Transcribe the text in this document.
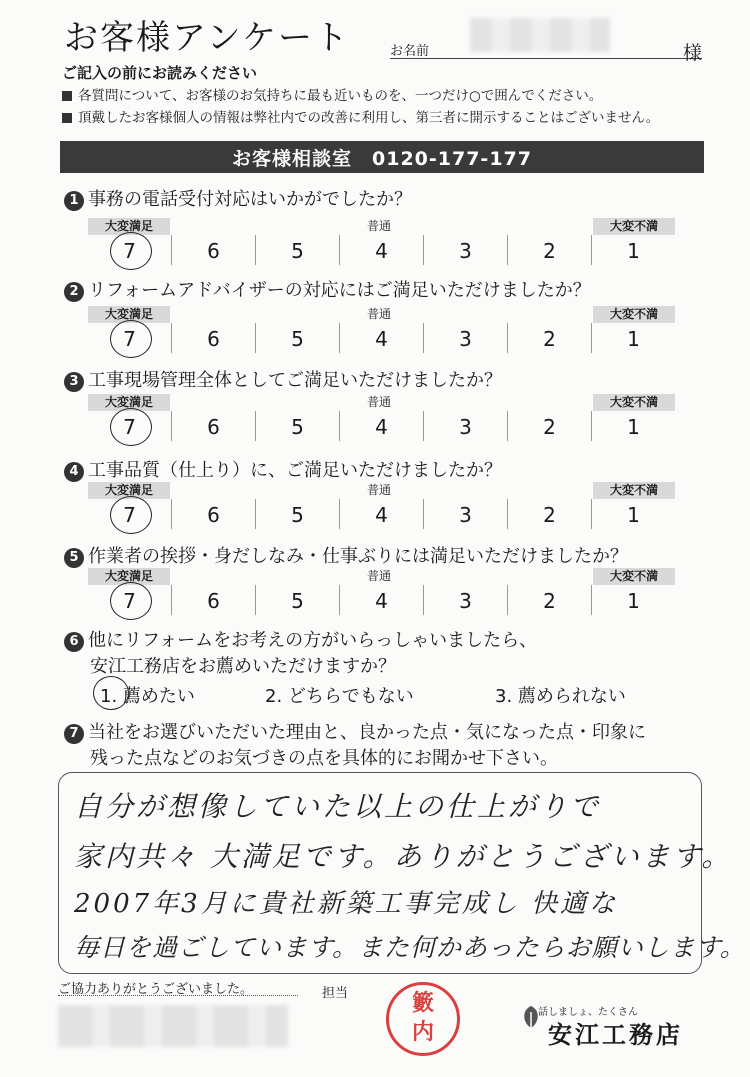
お客様アンケート	お名前	様
ご記入の前にお読みください
各質問について、お客様のお気持ちに最も近いものを、一つだけ○で囲んでください。
頂戴したお客様個人の情報は弊社内での改善に利用し、第三者に開示することはございません。
お客様相談室　0120-177-177
1 事務の電話受付対応はいかがでしたか？
大変満足	普通	大変不満
7	6	5	4	3	2	1
2 リフォームアドバイザーの対応にはご満足いただけましたか？
大変満足	普通	大変不満
7	6	5	4	3	2	1
3 工事現場管理全体としてご満足いただけましたか？
大変満足	普通	大変不満
7	6	5	4	3	2	1
4 工事品質（仕上り）に、ご満足いただけましたか？
大変満足	普通	大変不満
7	6	5	4	3	2	1
5 作業者の挨拶・身だしなみ・仕事ぶりには満足いただけましたか？
大変満足	普通	大変不満
7	6	5	4	3	2	1
6 他にリフォームをお考えの方がいらっしゃいましたら、
安江工務店をお薦めいただけますか？
1. 薦めたい	2. どちらでもない	3. 薦められない
7 当社をお選びいただいた理由と、良かった点・気になった点・印象に
残った点などのお気づきの点を具体的にお聞かせ下さい。
自分が想像していた以上の仕上がりで
家内共々 大満足です。ありがとうございます。
2007年3月に貴社新築工事完成し 快適な
毎日を過ごしています。また何かあったらお願いします。
ご協力ありがとうございました。	担当	籔
内
話しましょ、たくさん
安江工務店
